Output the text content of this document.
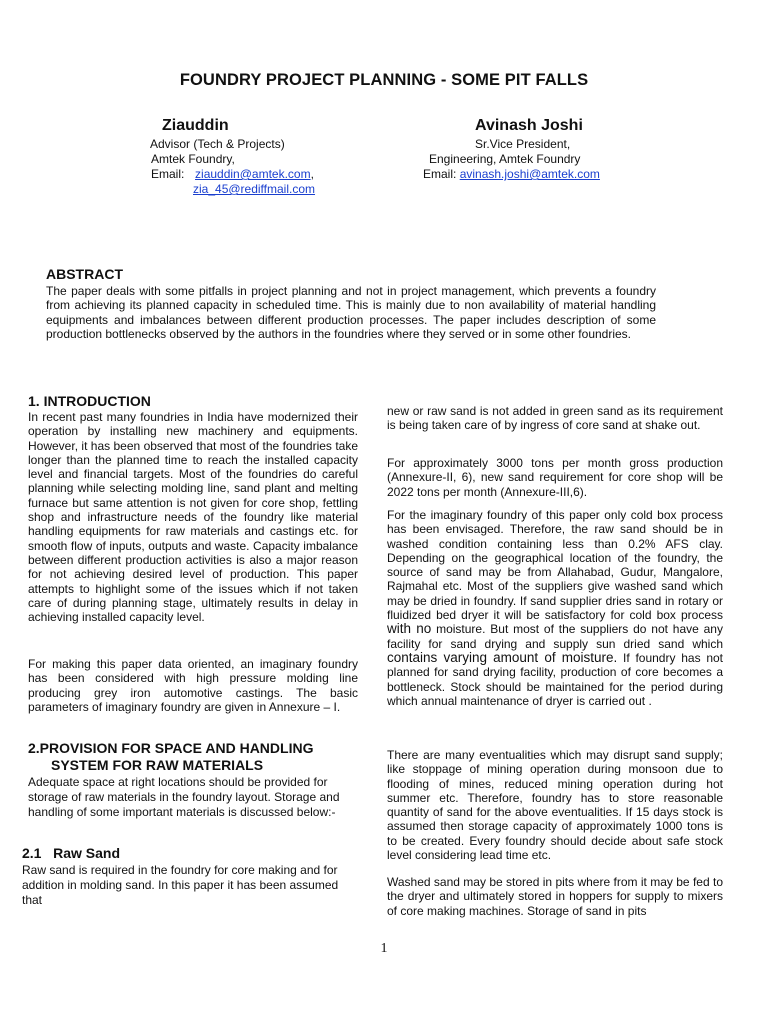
FOUNDRY PROJECT PLANNING - SOME PIT FALLS
Ziauddin
Advisor (Tech & Projects)
Amtek Foundry,
Email: ziauddin@amtek.com,
zia_45@rediffmail.com
Avinash Joshi
Sr.Vice President,
Engineering, Amtek Foundry
Email: avinash.joshi@amtek.com
ABSTRACT

The paper deals with some pitfalls in project planning and not in project management, which prevents a foundry from achieving its planned capacity in scheduled time. This is mainly due to non availability of material handling equipments and imbalances between different production processes. The paper includes description of some production bottlenecks observed by the authors in the foundries where they served or in some other foundries.

1. INTRODUCTION

In recent past many foundries in India have modernized their operation by installing new machinery and equipments. However, it has been observed that most of the foundries take longer than the planned time to reach the installed capacity level and financial targets. Most of the foundries do careful planning while selecting molding line, sand plant and melting furnace but same attention is not given for core shop, fettling shop and infrastructure needs of the foundry like material handling equipments for raw materials and castings etc. for smooth flow of inputs, outputs and waste. Capacity imbalance between different production activities is also a major reason for not achieving desired level of production. This paper attempts to highlight some of the issues which if not taken care of during planning stage, ultimately results in delay in achieving installed capacity level.

For making this paper data oriented, an imaginary foundry has been considered with high pressure molding line producing grey iron automotive castings. The basic parameters of imaginary foundry are given in Annexure – I.

2.PROVISION FOR SPACE AND HANDLING
SYSTEM FOR RAW MATERIALS

Adequate space at right locations should be provided for storage of raw materials in the foundry layout. Storage and handling of some important materials is discussed below:-

2.1   Raw Sand

Raw sand is required in the foundry for core making and for addition in molding sand. In this paper it has been assumed that

new or raw sand is not added in green sand as its requirement is being taken care of by ingress of core sand at shake out.

For approximately 3000 tons per month gross production (Annexure-II, 6), new sand requirement for core shop will be 2022 tons per month (Annexure-III,6).

For the imaginary foundry of this paper only cold box process has been envisaged. Therefore, the raw sand should be in washed condition containing less than 0.2% AFS clay. Depending on the geographical location of the foundry, the source of sand may be from Allahabad, Gudur, Mangalore, Rajmahal etc. Most of the suppliers give washed sand which may be dried in foundry. If sand supplier dries sand in rotary or fluidized bed dryer it will be satisfactory for cold box process with no moisture. But most of the suppliers do not have any facility for sand drying and supply sun dried sand which contains varying amount of moisture. If foundry has not planned for sand drying facility, production of core becomes a bottleneck. Stock should be maintained for the period during which annual maintenance of dryer is carried out .

There are many eventualities which may disrupt sand supply; like stoppage of mining operation during monsoon due to flooding of mines, reduced mining operation during hot summer etc. Therefore, foundry has to store reasonable quantity of sand for the above eventualities. If 15 days stock is assumed then storage capacity of approximately 1000 tons is to be created. Every foundry should decide about safe stock level considering lead time etc.

Washed sand may be stored in pits where from it may be fed to the dryer and ultimately stored in hoppers for supply to mixers of core making machines. Storage of sand in pits

1
